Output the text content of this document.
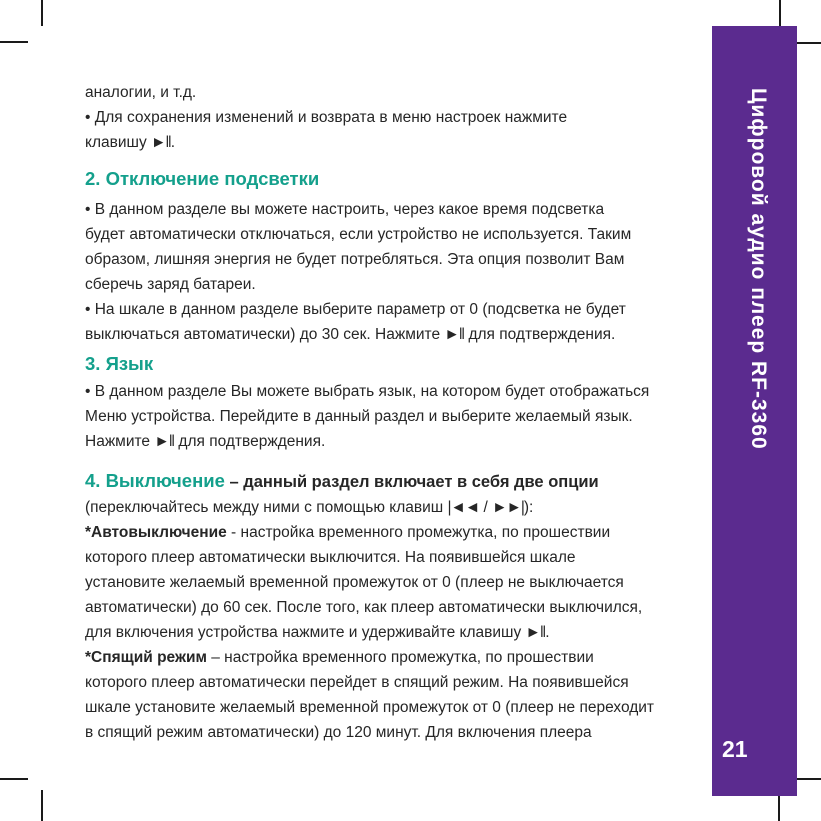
аналогии, и т.д.
• Для сохранения изменений и возврата в меню настроек нажмите
клавишу ►‖.
2. Отключение подсветки
• В данном разделе вы можете настроить, через какое время подсветка
будет автоматически отключаться, если устройство не используется. Таким
образом, лишняя энергия не будет потребляться. Эта опция позволит Вам
сберечь заряд батареи.
• На шкале в данном разделе выберите параметр от 0 (подсветка не будет
выключаться автоматически) до 30 сек. Нажмите ►‖ для подтверждения.
3. Язык
• В данном разделе Вы можете выбрать язык, на котором будет отображаться
Меню устройства. Перейдите в данный раздел и выберите желаемый язык.
Нажмите ►‖ для подтверждения.
4. Выключение – данный раздел включает в себя две опции
(переключайтесь между ними с помощью клавиш |◄◄ / ►►|):
*Автовыключение - настройка временного промежутка, по прошествии
которого плеер автоматически выключится. На появившейся шкале
установите желаемый временной промежуток от 0 (плеер не выключается
автоматически) до 60 сек. После того, как плеер автоматически выключился,
для включения устройства нажмите и удерживайте клавишу ►‖.
*Спящий режим – настройка временного промежутка, по прошествии
которого плеер автоматически перейдет в спящий режим. На появившейся
шкале установите желаемый временной промежуток от 0 (плеер не переходит
в спящий режим автоматически) до 120 минут. Для включения плеера
Цифровой аудио плеер RF-3360
21
